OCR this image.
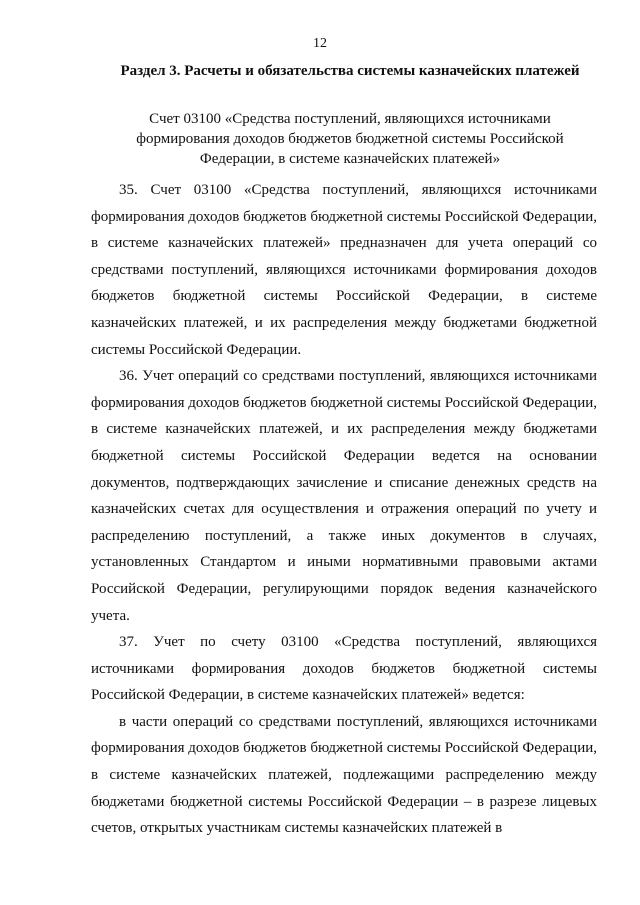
12
Раздел 3. Расчеты и обязательства системы казначейских платежей
Счет 03100 «Средства поступлений, являющихся источниками формирования доходов бюджетов бюджетной системы Российской Федерации, в системе казначейских платежей»

35. Счет 03100 «Средства поступлений, являющихся источниками формирования доходов бюджетов бюджетной системы Российской Федерации, в системе казначейских платежей» предназначен для учета операций со средствами поступлений, являющихся источниками формирования доходов бюджетов бюджетной системы Российской Федерации, в системе казначейских платежей, и их распределения между бюджетами бюджетной системы Российской Федерации.

36. Учет операций со средствами поступлений, являющихся источниками формирования доходов бюджетов бюджетной системы Российской Федерации, в системе казначейских платежей, и их распределения между бюджетами бюджетной системы Российской Федерации ведется на основании документов, подтверждающих зачисление и списание денежных средств на казначейских счетах для осуществления и отражения операций по учету и распределению поступлений, а также иных документов в случаях, установленных Стандартом и иными нормативными правовыми актами Российской Федерации, регулирующими порядок ведения казначейского учета.

37. Учет по счету 03100 «Средства поступлений, являющихся источниками формирования доходов бюджетов бюджетной системы Российской Федерации, в системе казначейских платежей» ведется:

в части операций со средствами поступлений, являющихся источниками формирования доходов бюджетов бюджетной системы Российской Федерации, в системе казначейских платежей, подлежащими распределению между бюджетами бюджетной системы Российской Федерации – в разрезе лицевых счетов, открытых участникам системы казначейских платежей в
